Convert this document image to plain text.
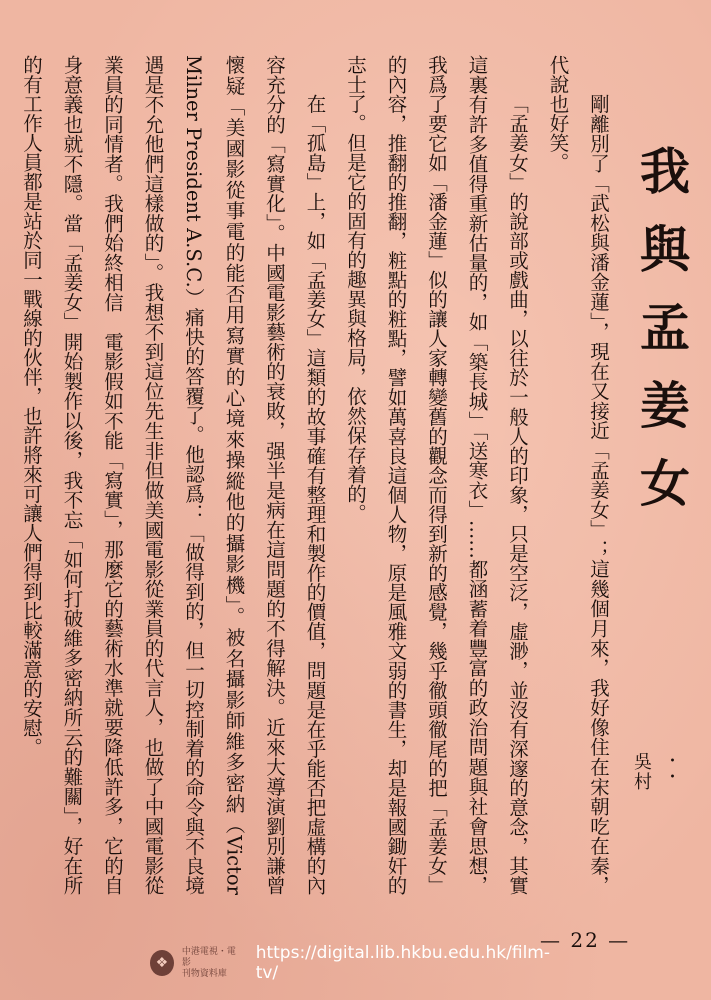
我與孟姜女
・・
吳村

剛離別了「武松與潘金蓮」，現在又接近「孟姜女」；這幾個月來，我好像住在宋朝吃在秦，代說也好笑。

「孟姜女」的說部或戲曲，以往於一般人的印象，只是空泛，虛渺，並沒有深邃的意念，其實這裏有許多值得重新估量的，如「築長城」「送寒衣」……都涵蓄着豐富的政治問題與社會思想，我爲了要它如「潘金蓮」似的讓人家轉變舊的觀念而得到新的感覺，幾乎徹頭徹尾的把「孟姜女」的內容，推翻的推翻，粧點的粧點，譬如萬喜良這個人物，原是風雅文弱的書生，却是報國鋤奸的志士了。但是它的固有的趣異與格局，依然保存着的。

在「孤島」上，如「孟姜女」這類的故事確有整理和製作的價值，問題是在乎能否把虛構的內容充分的「寫實化」。中國電影藝術的衰敗，强半是病在這問題的不得解決。近來大導演劉別謙曾懷疑「美國影從事電的能否用寫實的心境來操縱他的攝影機」。被名攝影師維多密納（Victor Milner President A.S.C.）痛快的答覆了。他認爲：「做得到的，但一切控制着的命令與不良境遇是不允他們這樣做的」。我想不到這位先生非但做美國電影從業員的代言人，也做了中國電影從業員的同情者。我們始終相信　電影假如不能「寫實」，那麼它的藝術水準就要降低許多，它的自身意義也就不隱。當「孟姜女」開始製作以後，我不忘「如何打破維多密納所云的難關」，好在所的有工作人員都是站於同一戰線的伙伴，也許將來可讓人們得到比較滿意的安慰。

— 22 —
❖
中港電視・電影
刊物資料庫
https://digital.lib.hkbu.edu.hk/film-tv/
